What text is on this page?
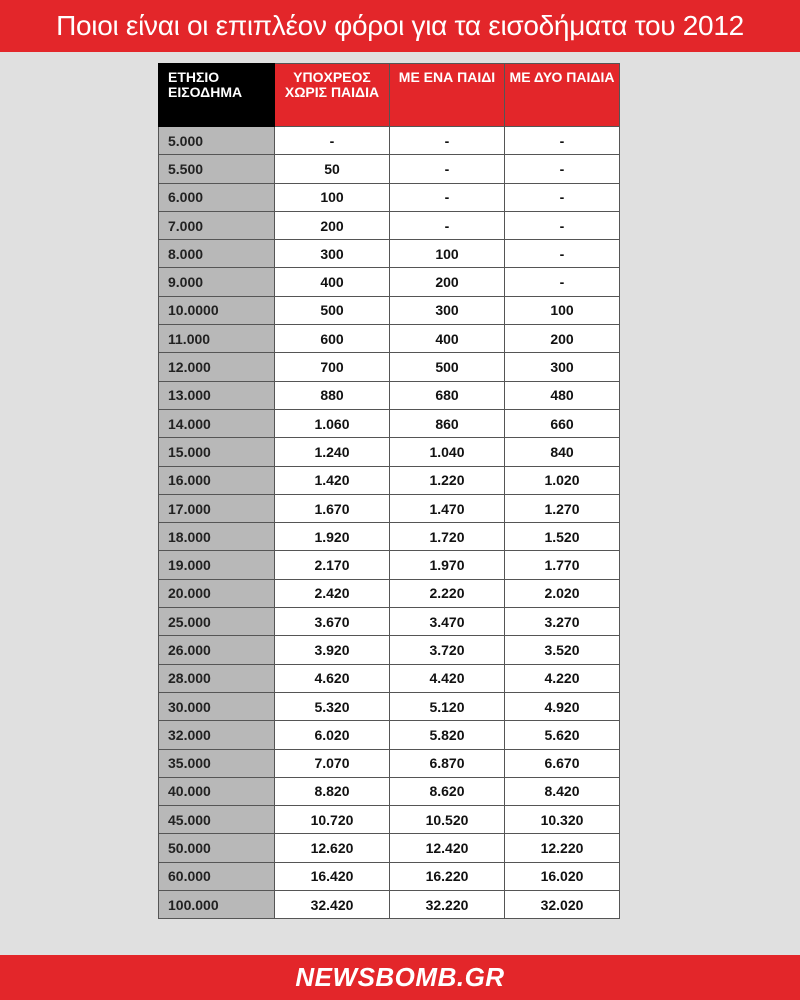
Ποιοι είναι οι επιπλέον φόροι για τα εισοδήματα του 2012
ΕΤΗΣΙΟ ΕΙΣΟΔΗΜΑ	ΥΠΟΧΡΕΟΣ ΧΩΡΙΣ ΠΑΙΔΙΑ	ΜΕ ΕΝΑ ΠΑΙΔΙ	ΜΕ ΔΥΟ ΠΑΙΔΙΑ
5.000	-	-	-
5.500	50	-	-
6.000	100	-	-
7.000	200	-	-
8.000	300	100	-
9.000	400	200	-
10.0000	500	300	100
11.000	600	400	200
12.000	700	500	300
13.000	880	680	480
14.000	1.060	860	660
15.000	1.240	1.040	840
16.000	1.420	1.220	1.020
17.000	1.670	1.470	1.270
18.000	1.920	1.720	1.520
19.000	2.170	1.970	1.770
20.000	2.420	2.220	2.020
25.000	3.670	3.470	3.270
26.000	3.920	3.720	3.520
28.000	4.620	4.420	4.220
30.000	5.320	5.120	4.920
32.000	6.020	5.820	5.620
35.000	7.070	6.870	6.670
40.000	8.820	8.620	8.420
45.000	10.720	10.520	10.320
50.000	12.620	12.420	12.220
60.000	16.420	16.220	16.020
100.000	32.420	32.220	32.020
NEWSBOMB.GR
